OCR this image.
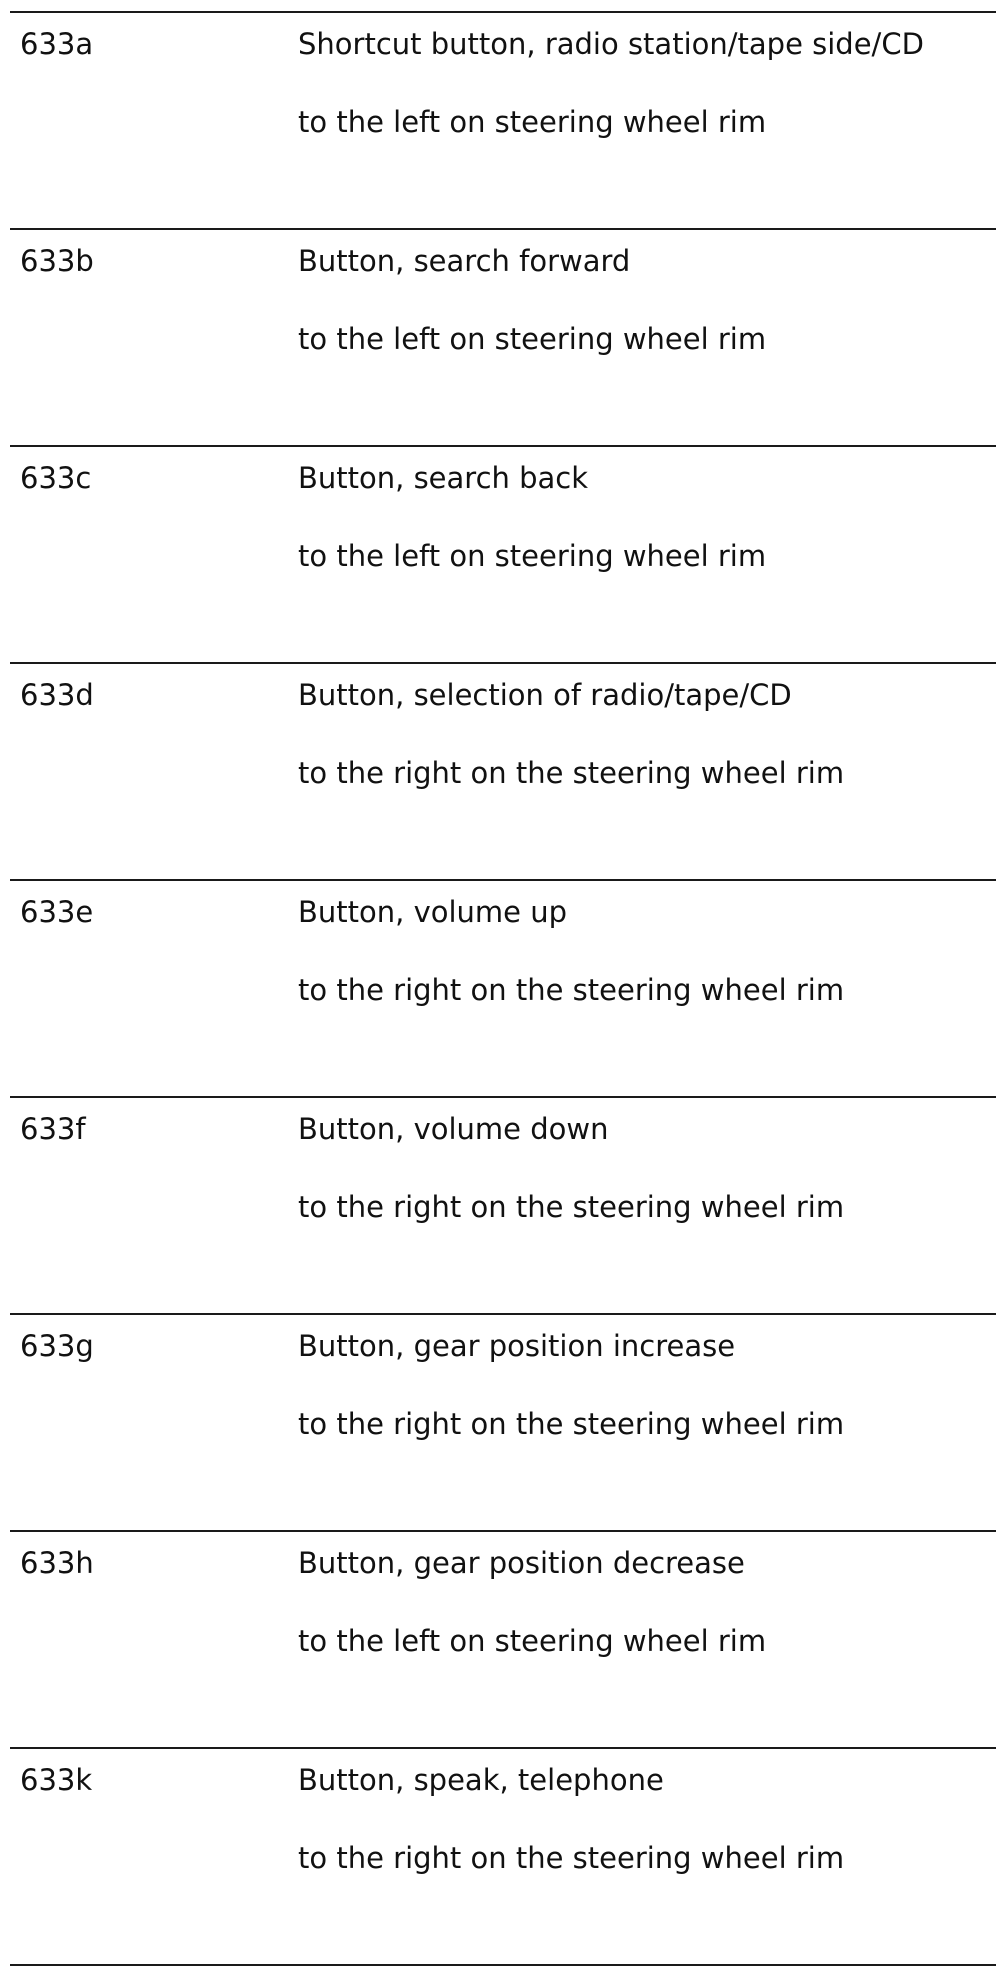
633a	Shortcut button, radio station/tape side/CD
to the left on steering wheel rim
633b	Button, search forward
to the left on steering wheel rim
633c	Button, search back
to the left on steering wheel rim
633d	Button, selection of radio/tape/CD
to the right on the steering wheel rim
633e	Button, volume up
to the right on the steering wheel rim
633f	Button, volume down
to the right on the steering wheel rim
633g	Button, gear position increase
to the right on the steering wheel rim
633h	Button, gear position decrease
to the left on steering wheel rim
633k	Button, speak, telephone
to the right on the steering wheel rim
